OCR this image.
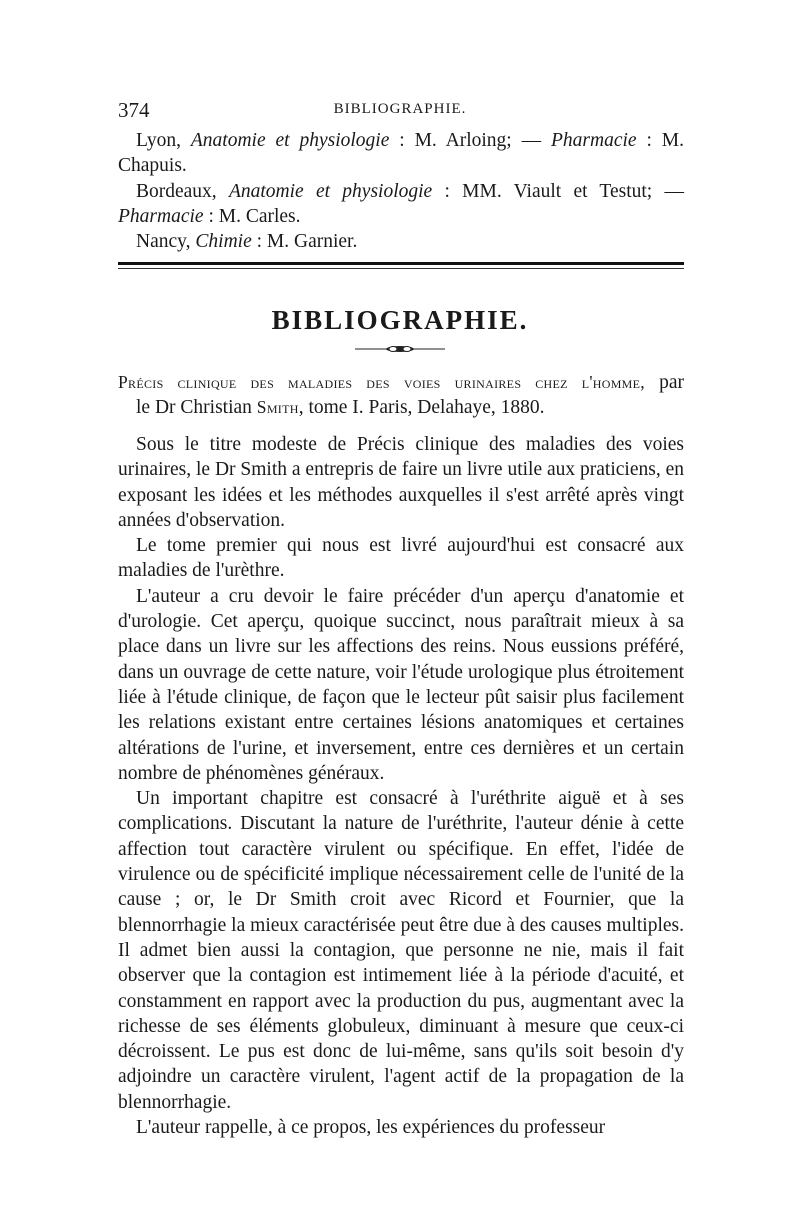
374	BIBLIOGRAPHIE.

Lyon, Anatomie et physiologie : M. Arloing; — Pharmacie : M. Chapuis.

Bordeaux, Anatomie et physiologie : MM. Viault et Testut; — Pharmacie : M. Carles.

Nancy, Chimie : M. Garnier.

BIBLIOGRAPHIE.
Précis clinique des maladies des voies urinaires chez l'homme, par
le Dr Christian Smith, tome I. Paris, Delahaye, 1880.

Sous le titre modeste de Précis clinique des maladies des voies urinaires, le Dr Smith a entrepris de faire un livre utile aux praticiens, en exposant les idées et les méthodes auxquelles il s'est arrêté après vingt années d'observation.

Le tome premier qui nous est livré aujourd'hui est consacré aux maladies de l'urèthre.

L'auteur a cru devoir le faire précéder d'un aperçu d'anatomie et d'urologie. Cet aperçu, quoique succinct, nous paraîtrait mieux à sa place dans un livre sur les affections des reins. Nous eussions préféré, dans un ouvrage de cette nature, voir l'étude urologique plus étroitement liée à l'étude clinique, de façon que le lecteur pût saisir plus facilement les relations existant entre certaines lésions anatomiques et certaines altérations de l'urine, et inversement, entre ces dernières et un certain nombre de phénomènes généraux.

Un important chapitre est consacré à l'uréthrite aiguë et à ses complications. Discutant la nature de l'uréthrite, l'auteur dénie à cette affection tout caractère virulent ou spécifique. En effet, l'idée de virulence ou de spécificité implique nécessairement celle de l'unité de la cause ; or, le Dr Smith croit avec Ricord et Fournier, que la blennorrhagie la mieux caractérisée peut être due à des causes multiples. Il admet bien aussi la contagion, que personne ne nie, mais il fait observer que la contagion est intimement liée à la période d'acuité, et constamment en rapport avec la production du pus, augmentant avec la richesse de ses éléments globuleux, diminuant à mesure que ceux-ci décroissent. Le pus est donc de lui-même, sans qu'ils soit besoin d'y adjoindre un caractère virulent, l'agent actif de la propagation de la blennorrhagie.

L'auteur rappelle, à ce propos, les expériences du professeur
